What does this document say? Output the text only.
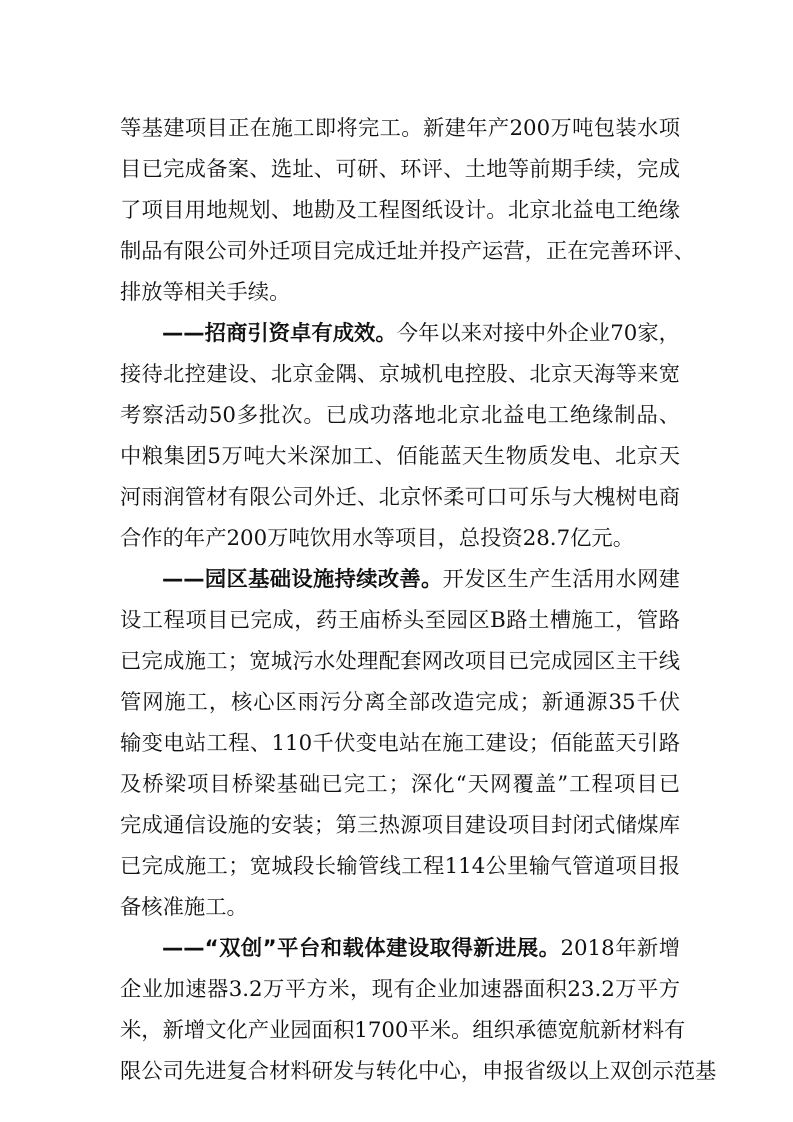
等基建项目正在施工即将完工。新建年产200万吨包装水项
目已完成备案、选址、可研、环评、土地等前期手续，完成
了项目用地规划、地勘及工程图纸设计。北京北益电工绝缘
制品有限公司外迁项目完成迁址并投产运营，正在完善环评、
排放等相关手续。
——招商引资卓有成效。今年以来对接中外企业70家，
接待北控建设、北京金隅、京城机电控股、北京天海等来宽
考察活动50多批次。已成功落地北京北益电工绝缘制品、
中粮集团5万吨大米深加工、佰能蓝天生物质发电、北京天
河雨润管材有限公司外迁、北京怀柔可口可乐与大槐树电商
合作的年产200万吨饮用水等项目，总投资28.7亿元。
——园区基础设施持续改善。开发区生产生活用水网建
设工程项目已完成，药王庙桥头至园区B路土槽施工，管路
已完成施工；宽城污水处理配套网改项目已完成园区主干线
管网施工，核心区雨污分离全部改造完成；新通源35千伏
输变电站工程、110千伏变电站在施工建设；佰能蓝天引路
及桥梁项目桥梁基础已完工；深化“天网覆盖”工程项目已
完成通信设施的安装；第三热源项目建设项目封闭式储煤库
已完成施工；宽城段长输管线工程114公里输气管道项目报
备核准施工。
——“双创”平台和载体建设取得新进展。2018年新增
企业加速器3.2万平方米，现有企业加速器面积23.2万平方
米，新增文化产业园面积1700平米。组织承德宽航新材料有
限公司先进复合材料研发与转化中心，申报省级以上双创示范基
